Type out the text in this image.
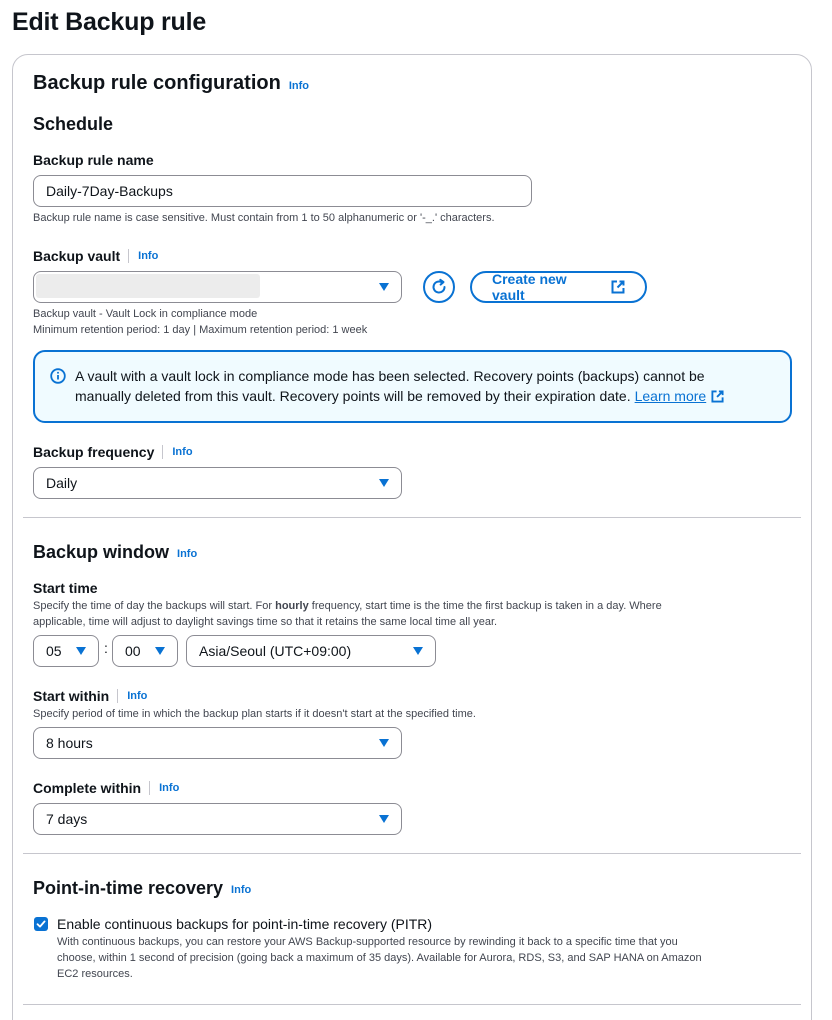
Edit Backup rule
Backup rule configuration Info
Schedule
Backup rule name
Daily-7Day-Backups
Backup rule name is case sensitive. Must contain from 1 to 50 alphanumeric or '-_.' characters.
Backup vault	Info
Create new vault
Backup vault - Vault Lock in compliance mode
Minimum retention period: 1 day | Maximum retention period: 1 week
A vault with a vault lock in compliance mode has been selected. Recovery points (backups) cannot be
manually deleted from this vault. Recovery points will be removed by their expiration date. Learn more
Backup frequency	Info
Daily
Backup window Info
Start time
Specify the time of day the backups will start. For hourly frequency, start time is the time the first backup is taken in a day. Where
applicable, time will adjust to daylight savings time so that it retains the same local time all year.
05	: 00	Asia/Seoul (UTC+09:00)
Start within	Info
Specify period of time in which the backup plan starts if it doesn't start at the specified time.
8 hours
Complete within	Info
7 days
Point-in-time recovery Info
Enable continuous backups for point-in-time recovery (PITR)
With continuous backups, you can restore your AWS Backup-supported resource by rewinding it back to a specific time that you
choose, within 1 second of precision (going back a maximum of 35 days). Available for Aurora, RDS, S3, and SAP HANA on Amazon
EC2 resources.
